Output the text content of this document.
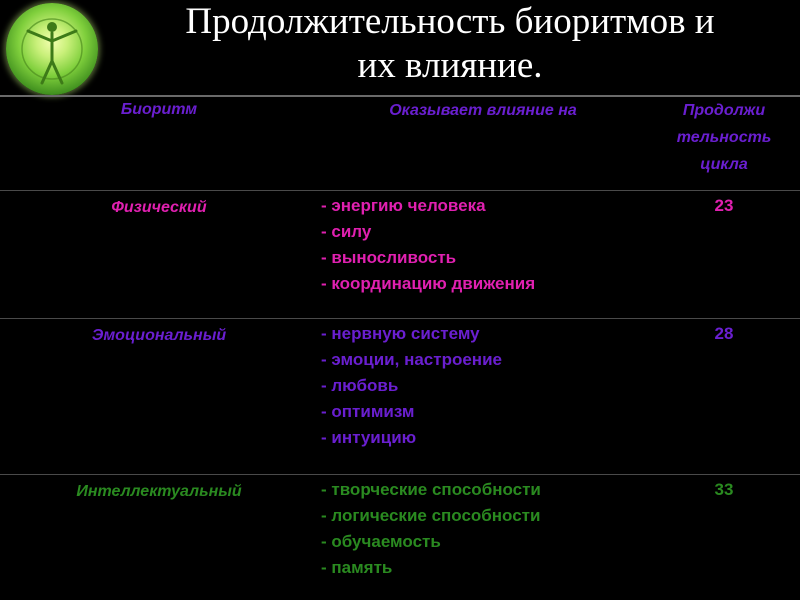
Продолжительность биоритмов и
их влияние.
Биоритм	Оказывает влияние на	Продолжи
тельность
цикла

Физический	- энергию человека
- силу
- выносливость
- координацию движения	23
Эмоциональный	- нервную систему
- эмоции, настроение
- любовь
- оптимизм
- интуицию	28
Интеллектуальный	- творческие способности
- логические способности
- обучаемость
- память	33
